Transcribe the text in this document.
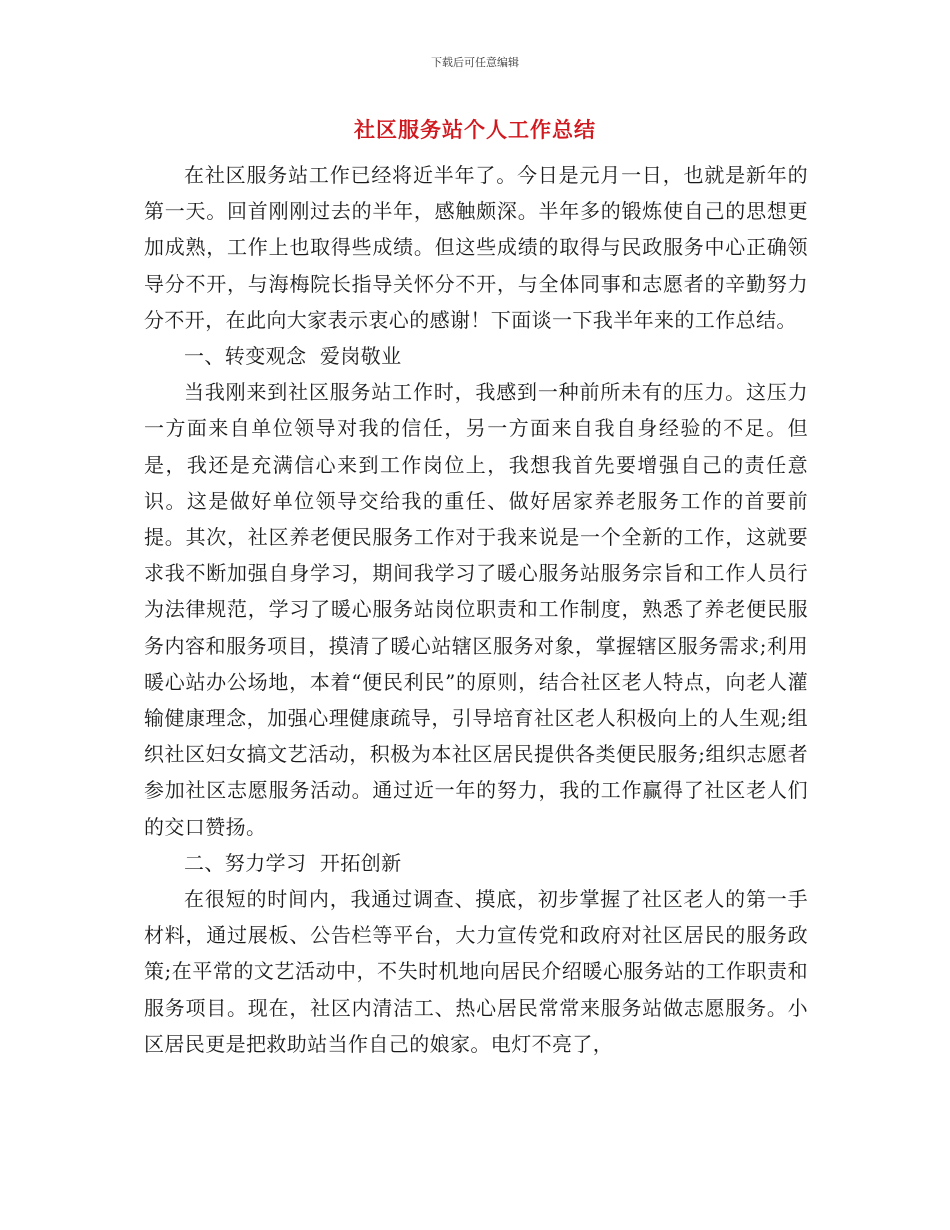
下载后可任意编辑
社区服务站个人工作总结

在社区服务站工作已经将近半年了。今日是元月一日，也就是新年的第一天。回首刚刚过去的半年，感触颇深。半年多的锻炼使自己的思想更加成熟，工作上也取得些成绩。但这些成绩的取得与民政服务中心正确领导分不开，与海梅院长指导关怀分不开，与全体同事和志愿者的辛勤努力分不开，在此向大家表示衷心的感谢！下面谈一下我半年来的工作总结。

一、转变观念  爱岗敬业

当我刚来到社区服务站工作时，我感到一种前所未有的压力。这压力一方面来自单位领导对我的信任，另一方面来自我自身经验的不足。但是，我还是充满信心来到工作岗位上，我想我首先要增强自己的责任意识。这是做好单位领导交给我的重任、做好居家养老服务工作的首要前提。其次，社区养老便民服务工作对于我来说是一个全新的工作，这就要求我不断加强自身学习，期间我学习了暖心服务站服务宗旨和工作人员行为法律规范，学习了暖心服务站岗位职责和工作制度，熟悉了养老便民服务内容和服务项目，摸清了暖心站辖区服务对象，掌握辖区服务需求;利用暖心站办公场地，本着“便民利民”的原则，结合社区老人特点，向老人灌输健康理念，加强心理健康疏导，引导培育社区老人积极向上的人生观;组织社区妇女搞文艺活动，积极为本社区居民提供各类便民服务;组织志愿者参加社区志愿服务活动。通过近一年的努力，我的工作赢得了社区老人们的交口赞扬。

二、努力学习  开拓创新

在很短的时间内，我通过调查、摸底，初步掌握了社区老人的第一手材料，通过展板、公告栏等平台，大力宣传党和政府对社区居民的服务政策;在平常的文艺活动中，不失时机地向居民介绍暖心服务站的工作职责和服务项目。现在，社区内清洁工、热心居民常常来服务站做志愿服务。小区居民更是把救助站当作自己的娘家。电灯不亮了，
